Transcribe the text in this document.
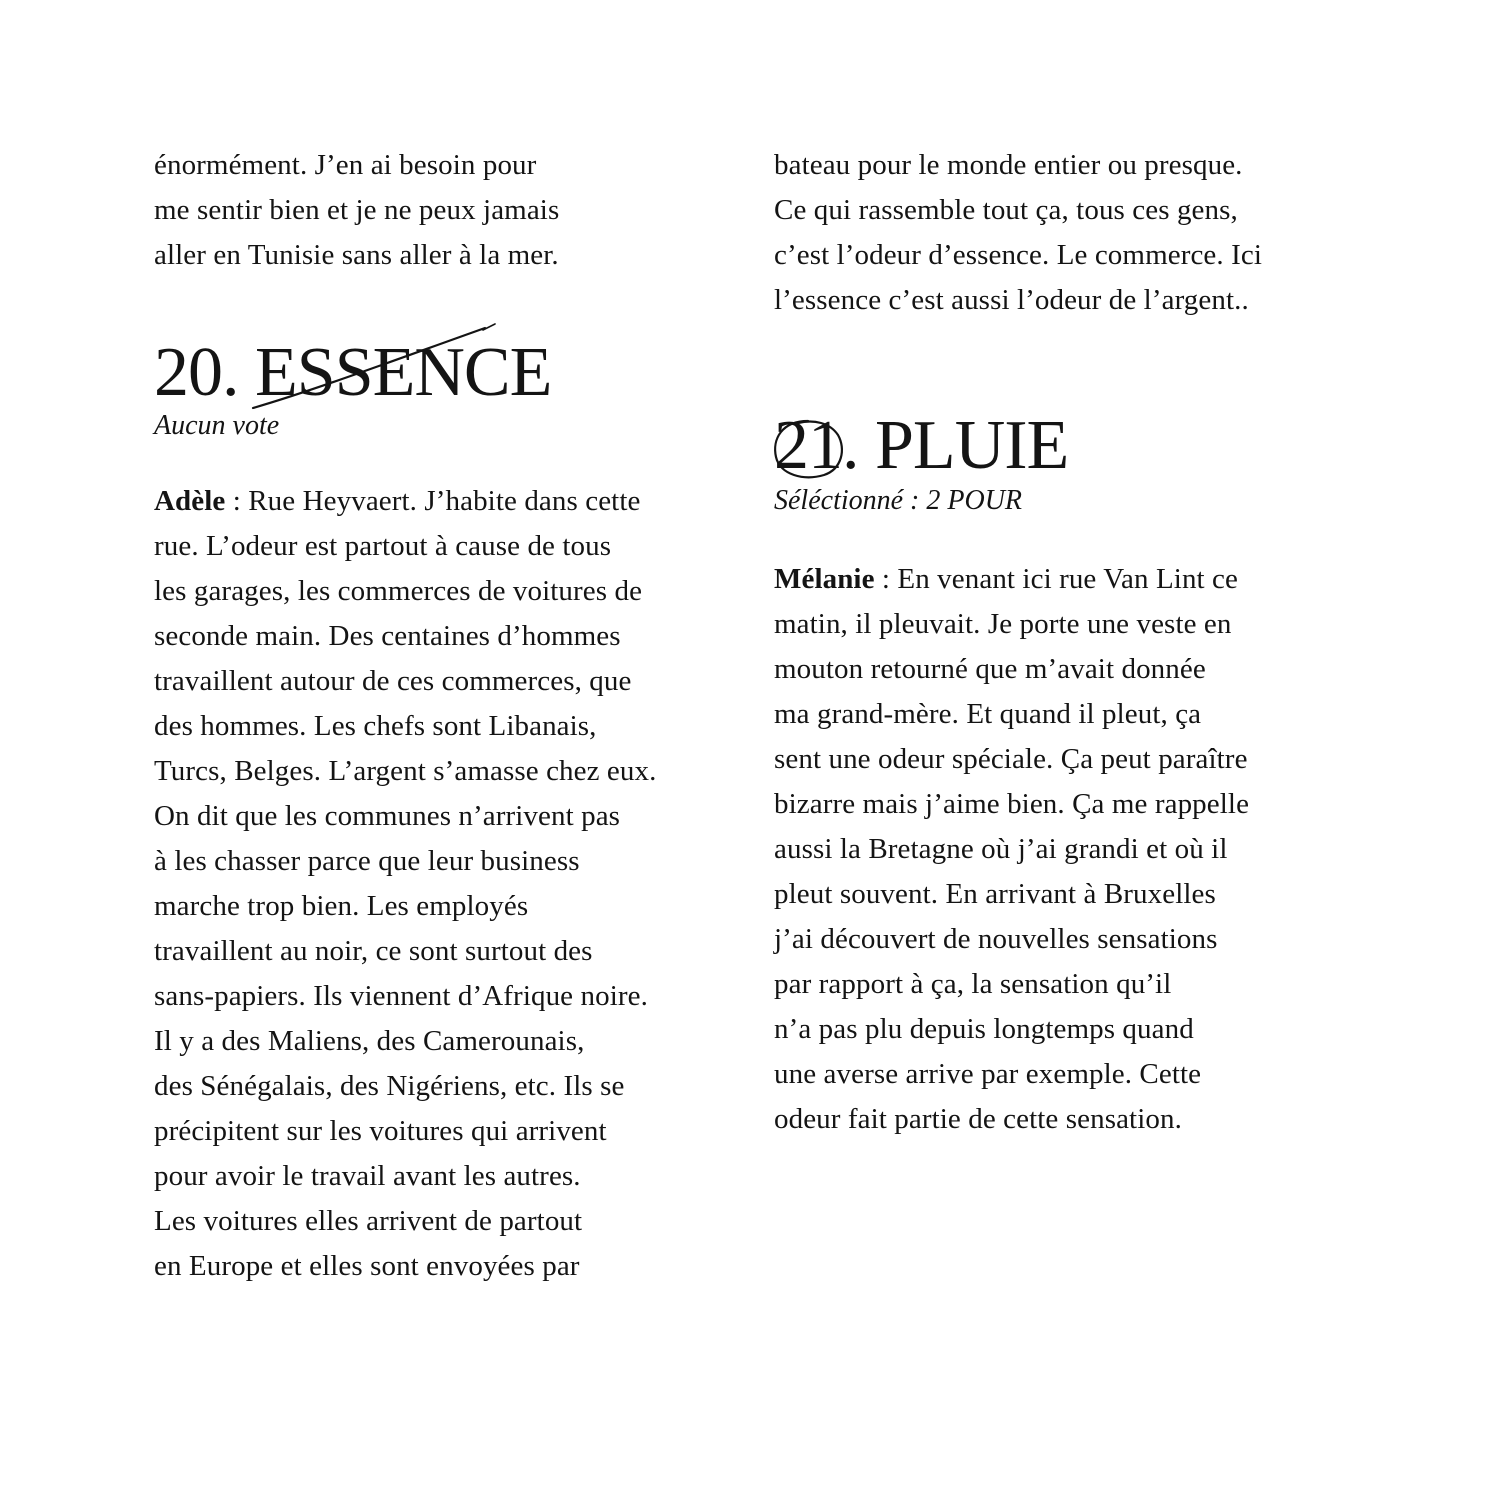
énormément. J’en ai besoin pour
me sentir bien et je ne peux jamais
aller en Tunisie sans aller à la mer.

20. ESSENCE

Aucun vote

Adèle : Rue Heyvaert. J’habite dans cette
rue. L’odeur est partout à cause de tous
les garages, les commerces de voitures de
seconde main. Des centaines d’hommes
travaillent autour de ces commerces, que
des hommes. Les chefs sont Libanais,
Turcs, Belges. L’argent s’amasse chez eux.
On dit que les communes n’arrivent pas
à les chasser parce que leur business
marche trop bien. Les employés
travaillent au noir, ce sont surtout des
sans-papiers. Ils viennent d’Afrique noire.
Il y a des Maliens, des Camerounais,
des Sénégalais, des Nigériens, etc. Ils se
précipitent sur les voitures qui arrivent
pour avoir le travail avant les autres.
Les voitures elles arrivent de partout
en Europe et elles sont envoyées par

bateau pour le monde entier ou presque.
Ce qui rassemble tout ça, tous ces gens,
c’est l’odeur d’essence. Le commerce. Ici
l’essence c’est aussi l’odeur de l’argent..

21. PLUIE

Séléctionné : 2 POUR

Mélanie : En venant ici rue Van Lint ce
matin, il pleuvait. Je porte une veste en
mouton retourné que m’avait donnée
ma grand-mère. Et quand il pleut, ça
sent une odeur spéciale. Ça peut paraître
bizarre mais j’aime bien. Ça me rappelle
aussi la Bretagne où j’ai grandi et où il
pleut souvent. En arrivant à Bruxelles
j’ai découvert de nouvelles sensations
par rapport à ça, la sensation qu’il
n’a pas plu depuis longtemps quand
une averse arrive par exemple. Cette
odeur fait partie de cette sensation.
